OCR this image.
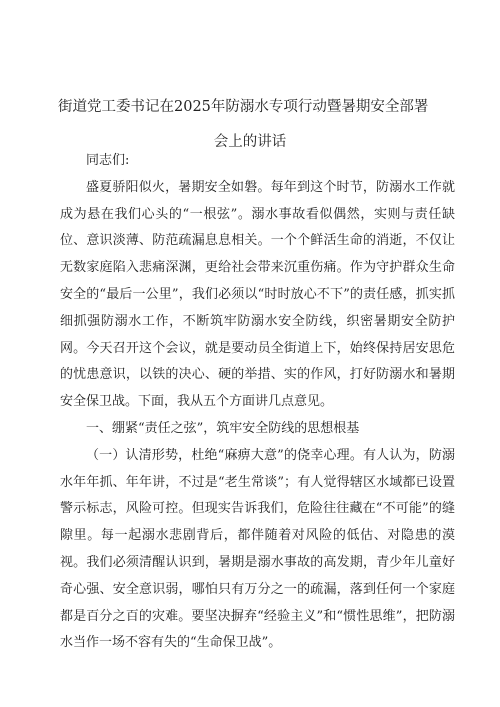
街道党工委书记在2025年防溺水专项行动暨暑期安全部署
会上的讲话

同志们:

盛夏骄阳似火，暑期安全如磐。每年到这个时节，防溺水工作就成为悬在我们心头的“一根弦”。溺水事故看似偶然，实则与责任缺位、意识淡薄、防范疏漏息息相关。一个个鲜活生命的消逝，不仅让无数家庭陷入悲痛深渊，更给社会带来沉重伤痛。作为守护群众生命安全的“最后一公里”，我们必须以“时时放心不下”的责任感，抓实抓细抓强防溺水工作，不断筑牢防溺水安全防线，织密暑期安全防护网。今天召开这个会议，就是要动员全街道上下，始终保持居安思危的忧患意识，以铁的决心、硬的举措、实的作风，打好防溺水和暑期安全保卫战。下面，我从五个方面讲几点意见。

一、绷紧“责任之弦”，筑牢安全防线的思想根基

（一）认清形势，杜绝“麻痹大意”的侥幸心理。有人认为，防溺水年年抓、年年讲，不过是“老生常谈”；有人觉得辖区水域都已设置警示标志，风险可控。但现实告诉我们，危险往往藏在“不可能”的缝隙里。每一起溺水悲剧背后，都伴随着对风险的低估、对隐患的漠视。我们必须清醒认识到，暑期是溺水事故的高发期，青少年儿童好奇心强、安全意识弱，哪怕只有万分之一的疏漏，落到任何一个家庭都是百分之百的灾难。要坚决摒弃“经验主义”和“惯性思维”，把防溺水当作一场不容有失的“生命保卫战”。
